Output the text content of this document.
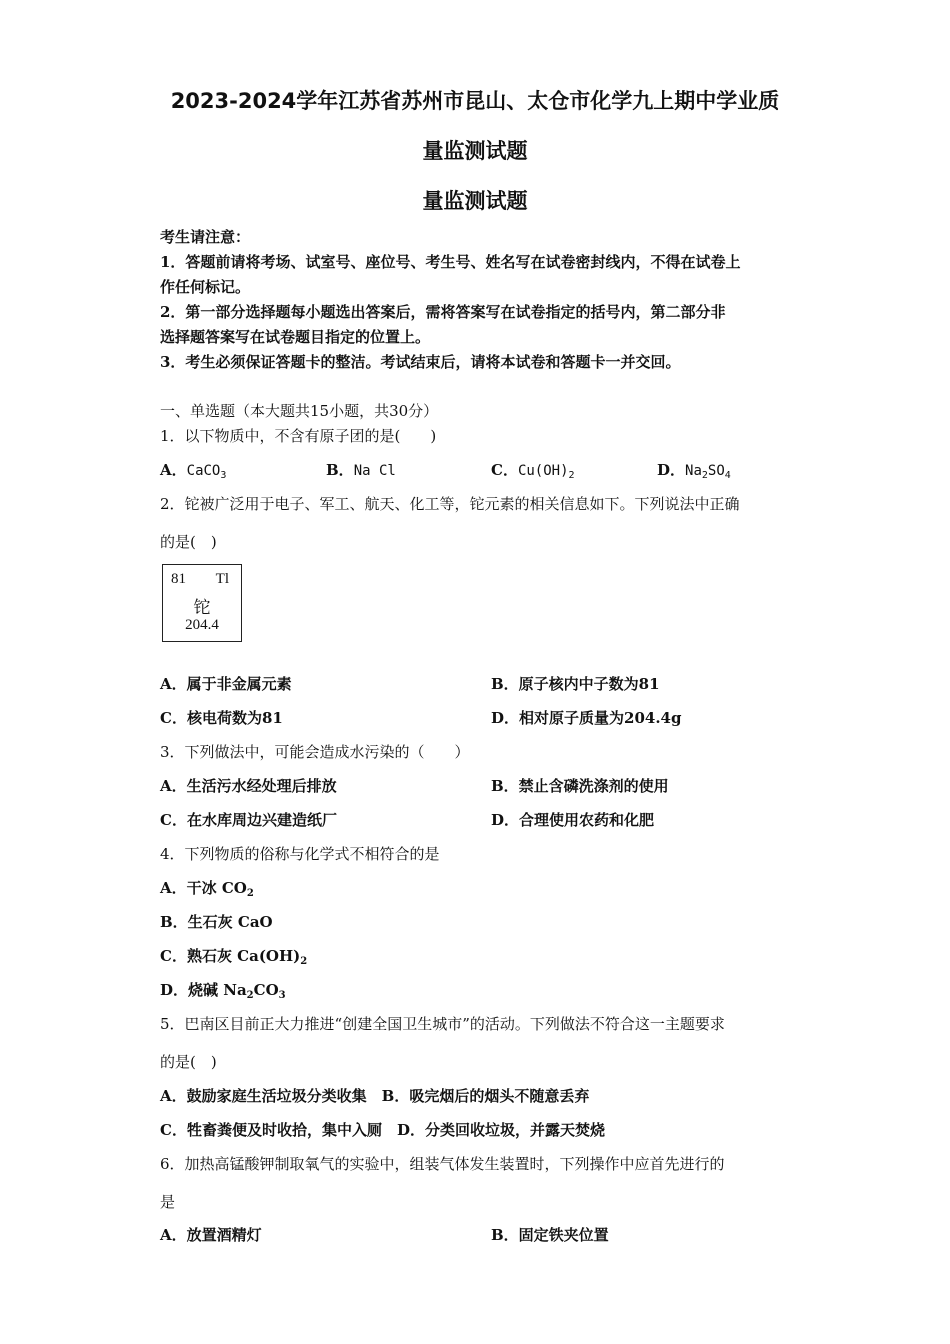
2023-2024学年江苏省苏州市昆山、太仓市化学九上期中学业质
量监测试题
量监测试题
考生请注意：
1．答题前请将考场、试室号、座位号、考生号、姓名写在试卷密封线内，不得在试卷上
作任何标记。
2．第一部分选择题每小题选出答案后，需将答案写在试卷指定的括号内，第二部分非
选择题答案写在试卷题目指定的位置上。
3．考生必须保证答题卡的整洁。考试结束后，请将本试卷和答题卡一并交回。
一、单选题（本大题共15小题，共30分）
1．以下物质中，不含有原子团的是(　　)
A．CaCO$_3$	B．Na Cl	C．$Cu(OH)_2$	D．$Na_2SO_4$
2．铊被广泛用于电子、军工、航天、化工等，铊元素的相关信息如下。下列说法中正确
的是(　)
81 Tl
铊
204.4
A．属于非金属元素	B．原子核内中子数为81
C．核电荷数为81	D．相对原子质量为204.4g
3．下列做法中，可能会造成水污染的（　　）
A．生活污水经处理后排放	B．禁止含磷洗涤剂的使用
C．在水库周边兴建造纸厂	D．合理使用农药和化肥
4．下列物质的俗称与化学式不相符合的是
A．干冰 $CO_2$
B．生石灰 CaO
C．熟石灰 $Ca(OH)_2$
D．烧碱 $Na_2CO_3$
5．巴南区目前正大力推进“创建全国卫生城市”的活动。下列做法不符合这一主题要求
的是(　)
A．鼓励家庭生活垃圾分类收集　B．吸完烟后的烟头不随意丢弃
C．牲畜粪便及时收拾，集中入厕　D．分类回收垃圾，并露天焚烧
6．加热高锰酸钾制取氧气的实验中，组装气体发生装置时，下列操作中应首先进行的
是
A．放置酒精灯	B．固定铁夹位置
